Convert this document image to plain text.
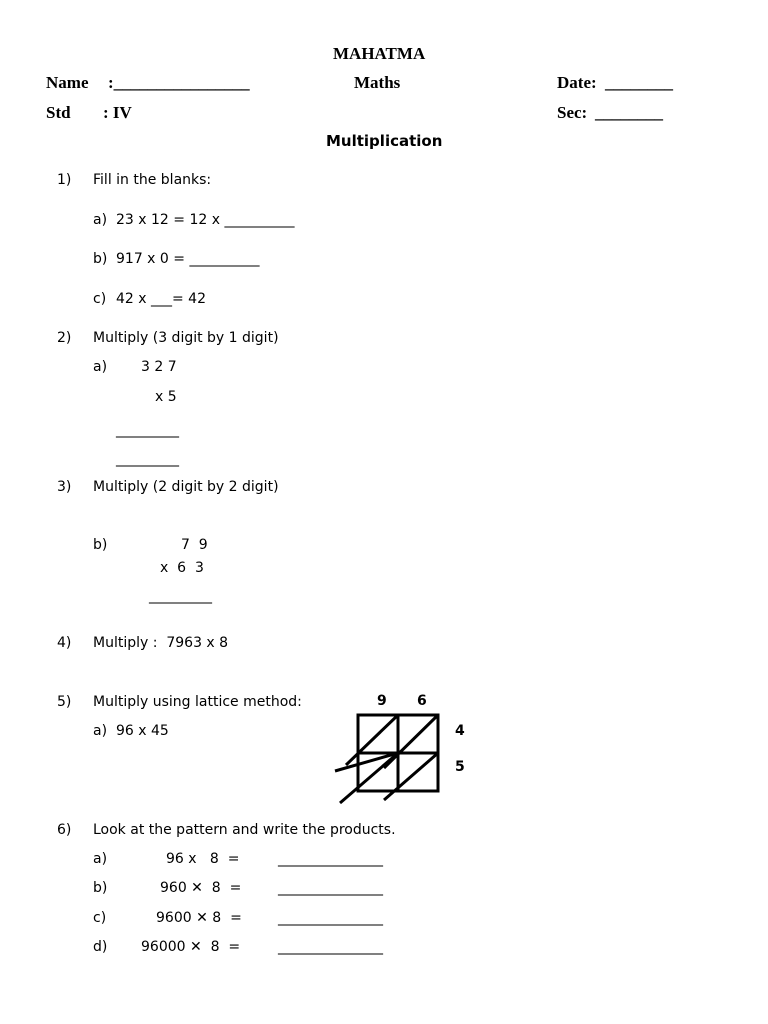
MAHATMA
Name :________________	Maths	Date: ________
Std : IV	Sec: ________
Multiplication
1) Fill in the blanks:
a) 23 x 12 = 12 x __________
b) 917 x 0 = __________
c) 42 x ___= 42
2) Multiply (3 digit by 1 digit)
a) 3 2 7
x 5
_________
_________
3) Multiply (2 digit by 2 digit)
b)	7  9
x  6  3
_________
4) Multiply :  7963 x 8
5) Multiply using lattice method:
a) 96 x 45
9 6
4
5
6) Look at the pattern and write the products.
a)	96 x   8  =	_______________
b)	960 ✕  8  =	_______________
c)	9600 ✕ 8  =	_______________
d) 96000 ✕  8  =	_______________
